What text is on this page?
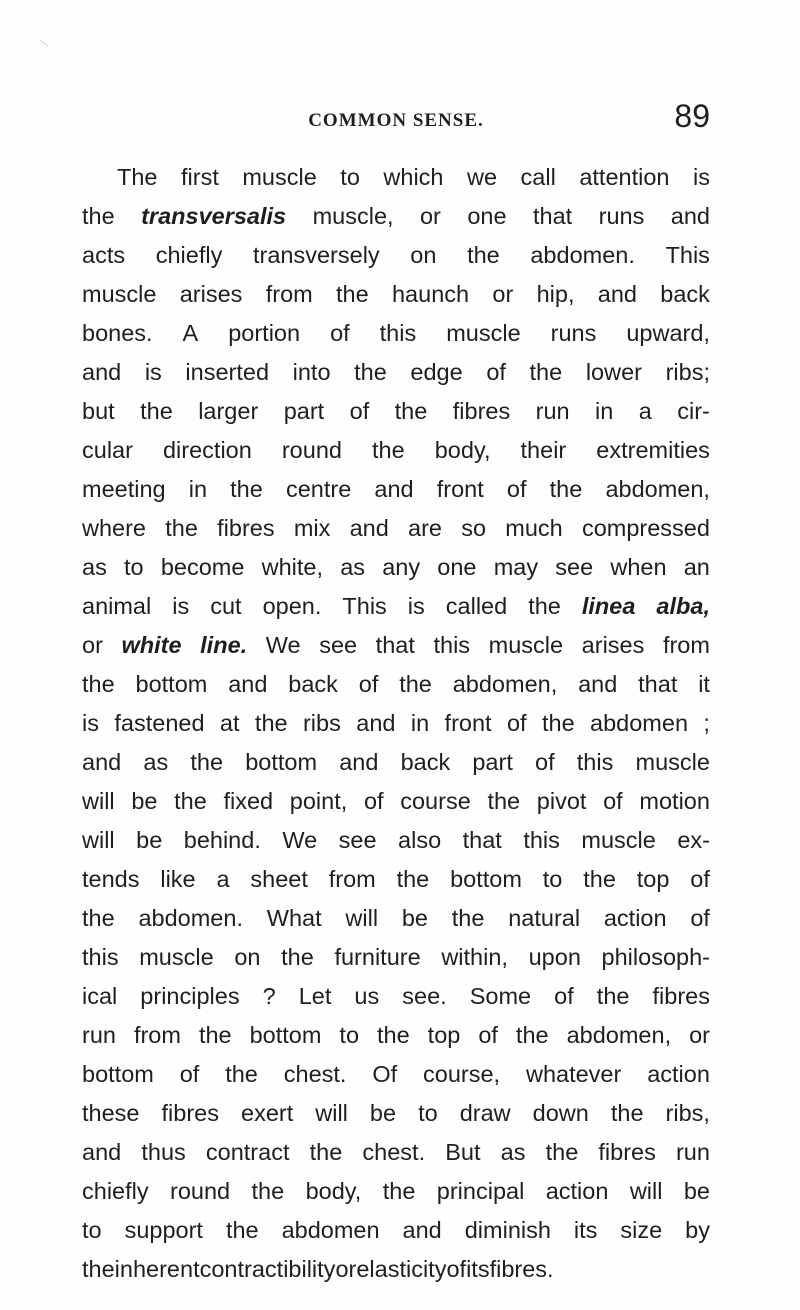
COMMON SENSE.	89
The first muscle to which we call attention is
the transversalis muscle, or one that runs and
acts chiefly transversely on the abdomen. This
muscle arises from the haunch or hip, and back
bones. A portion of this muscle runs upward,
and is inserted into the edge of the lower ribs;
but the larger part of the fibres run in a cir-
cular direction round the body, their extremities
meeting in the centre and front of the abdomen,
where the fibres mix and are so much compressed
as to become white, as any one may see when an
animal is cut open. This is called the linea alba,
or white line. We see that this muscle arises from
the bottom and back of the abdomen, and that it
is fastened at the ribs and in front of the abdomen ;
and as the bottom and back part of this muscle
will be the fixed point, of course the pivot of motion
will be behind. We see also that this muscle ex-
tends like a sheet from the bottom to the top of
the abdomen. What will be the natural action of
this muscle on the furniture within, upon philosoph-
ical principles ? Let us see. Some of the fibres
run from the bottom to the top of the abdomen, or
bottom of the chest. Of course, whatever action
these fibres exert will be to draw down the ribs,
and thus contract the chest. But as the fibres run
chiefly round the body, the principal action will be
to support the abdomen and diminish its size by
the inherent contractibility or elasticity of its fibres.
